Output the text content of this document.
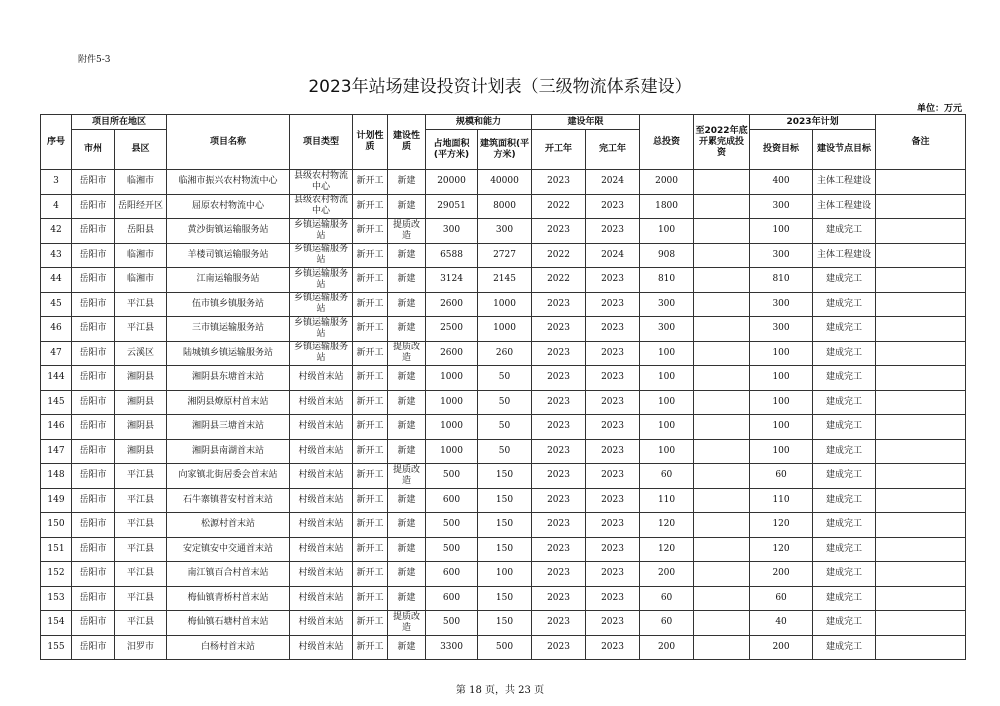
附件5-3
2023年站场建设投资计划表（三级物流体系建设）
单位：万元
序号	项目所在地区		项目名称	项目类型	计划性质	建设性质	规模和能力		建设年限		总投资	至2022年底开累完成投资	2023年计划		备注
	市州	县区					占地面积(平方米)	建筑面积(平方米)	开工年	完工年			投资目标	建设节点目标	
3	岳阳市	临湘市	临湘市振兴农村物流中心	县级农村物流中心	新开工	新建	20000	40000	2023	2024	2000		400	主体工程建设	
4	岳阳市	岳阳经开区	屈原农村物流中心	县级农村物流中心	新开工	新建	29051	8000	2022	2023	1800		300	主体工程建设	
42	岳阳市	岳阳县	黄沙街镇运输服务站	乡镇运输服务站	新开工	提质改造	300	300	2023	2023	100		100	建成完工	
43	岳阳市	临湘市	羊楼司镇运输服务站	乡镇运输服务站	新开工	新建	6588	2727	2022	2024	908		300	主体工程建设	
44	岳阳市	临湘市	江南运输服务站	乡镇运输服务站	新开工	新建	3124	2145	2022	2023	810		810	建成完工	
45	岳阳市	平江县	伍市镇乡镇服务站	乡镇运输服务站	新开工	新建	2600	1000	2023	2023	300		300	建成完工	
46	岳阳市	平江县	三市镇运输服务站	乡镇运输服务站	新开工	新建	2500	1000	2023	2023	300		300	建成完工	
47	岳阳市	云溪区	陆城镇乡镇运输服务站	乡镇运输服务站	新开工	提质改造	2600	260	2023	2023	100		100	建成完工	
144	岳阳市	湘阴县	湘阴县东塘首末站	村级首末站	新开工	新建	1000	50	2023	2023	100		100	建成完工	
145	岳阳市	湘阴县	湘阴县燎原村首末站	村级首末站	新开工	新建	1000	50	2023	2023	100		100	建成完工	
146	岳阳市	湘阴县	湘阴县三塘首末站	村级首末站	新开工	新建	1000	50	2023	2023	100		100	建成完工	
147	岳阳市	湘阴县	湘阴县南湖首末站	村级首末站	新开工	新建	1000	50	2023	2023	100		100	建成完工	
148	岳阳市	平江县	向家镇北街居委会首末站	村级首末站	新开工	提质改造	500	150	2023	2023	60		60	建成完工	
149	岳阳市	平江县	石牛寨镇普安村首末站	村级首末站	新开工	新建	600	150	2023	2023	110		110	建成完工	
150	岳阳市	平江县	松源村首末站	村级首末站	新开工	新建	500	150	2023	2023	120		120	建成完工	
151	岳阳市	平江县	安定镇安中交通首末站	村级首末站	新开工	新建	500	150	2023	2023	120		120	建成完工	
152	岳阳市	平江县	南江镇百合村首末站	村级首末站	新开工	新建	600	100	2023	2023	200		200	建成完工	
153	岳阳市	平江县	梅仙镇青桥村首末站	村级首末站	新开工	新建	600	150	2023	2023	60		60	建成完工	
154	岳阳市	平江县	梅仙镇石塘村首末站	村级首末站	新开工	提质改造	500	150	2023	2023	60		40	建成完工	
155	岳阳市	汨罗市	白杨村首末站	村级首末站	新开工	新建	3300	500	2023	2023	200		200	建成完工	
第 18 页，共 23 页
